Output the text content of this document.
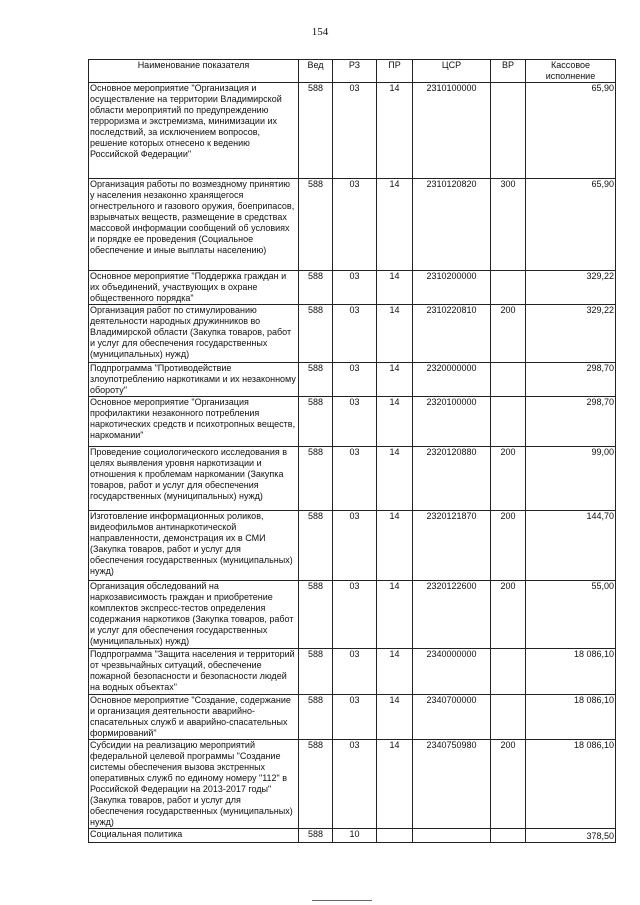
154
Наименование показателя	Вед	РЗ	ПР	ЦСР	ВР	Кассовое исполнение
Основное мероприятие "Организация и осуществление на территории Владимирской области мероприятий по предупреждению терроризма и экстремизма, минимизации их последствий, за исключением вопросов, решение которых отнесено к ведению Российской Федерации"	588	03	14	2310100000		65,90
Организация работы по возмездному принятию у населения незаконно хранящегося огнестрельного и газового оружия, боеприпасов, взрывчатых веществ, размещение в средствах массовой информации сообщений об условиях и порядке ее проведения (Социальное обеспечение и иные выплаты населению)	588	03	14	2310120820	300	65,90
Основное мероприятие "Поддержка граждан и их объединений, участвующих в охране общественного порядка"	588	03	14	2310200000		329,22
Организация работ по стимулированию деятельности народных дружинников во Владимирской области (Закупка товаров, работ и услуг для обеспечения государственных (муниципальных) нужд)	588	03	14	2310220810	200	329,22
Подпрограмма "Противодействие злоупотреблению наркотиками и их незаконному обороту"	588	03	14	2320000000		298,70
Основное мероприятие "Организация профилактики незаконного потребления наркотических средств и психотропных веществ, наркомании"	588	03	14	2320100000		298,70
Проведение социологического исследования в целях выявления уровня наркотизации и отношения к проблемам наркомании (Закупка товаров, работ и услуг для обеспечения государственных (муниципальных) нужд)	588	03	14	2320120880	200	99,00
Изготовление информационных роликов, видеофильмов антинаркотической направленности, демонстрация их в СМИ (Закупка товаров, работ и услуг для обеспечения государственных (муниципальных) нужд)	588	03	14	2320121870	200	144,70
Организация обследований на наркозависимость граждан и приобретение комплектов экспресс-тестов определения содержания наркотиков (Закупка товаров, работ и услуг для обеспечения государственных (муниципальных) нужд)	588	03	14	2320122600	200	55,00
Подпрограмма "Защита населения и территорий от чрезвычайных ситуаций, обеспечение пожарной безопасности и безопасности людей на водных объектах"	588	03	14	2340000000		18 086,10
Основное мероприятие "Создание, содержание и организация деятельности аварийно-спасательных служб и аварийно-спасательных формирований"	588	03	14	2340700000		18 086,10
Субсидии на реализацию мероприятий федеральной целевой программы "Создание системы обеспечения вызова экстренных оперативных служб по единому номеру "112" в Российской Федерации на 2013-2017 годы" (Закупка товаров, работ и услуг для обеспечения государственных (муниципальных) нужд)	588	03	14	2340750980	200	18 086,10
Социальная политика	588	10				378,50
